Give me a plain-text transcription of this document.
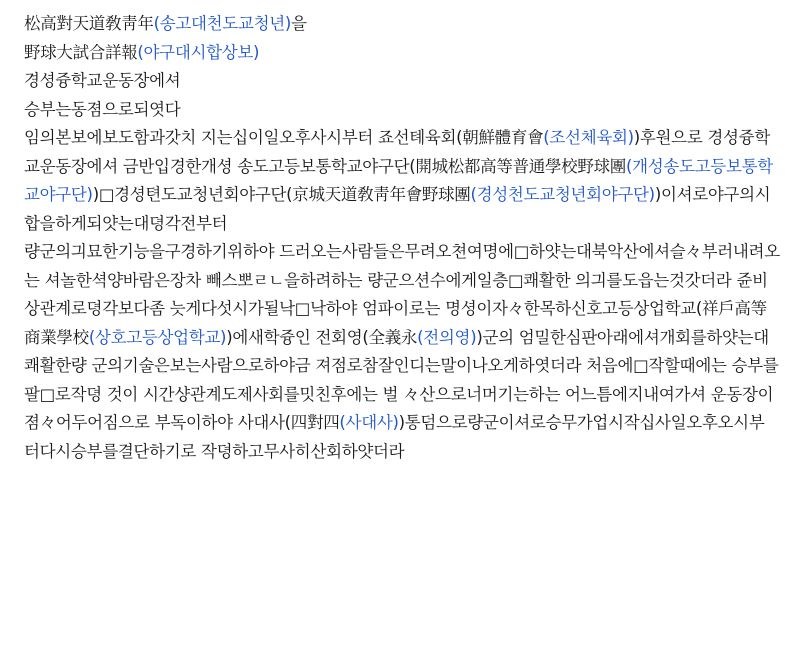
松高對天道敎靑年(송고대천도교청년)을
野球大試合詳報(야구대시합상보)
경셩즁학교운동장에셔
승부는동졈으로되엿다
임의본보에보도함과갓치 지는십이일오후사시부터 죠선톄육회(朝鮮體育會(조선체육회))후원으로 경셩즁학교운동장에셔 금반입경한개셩 송도고등보통학교야구단(開城松都高等普通學校野球團(개성송도고등보통학교야구단))□경셩텬도교청년회야구단(京城天道敎靑年會野球團(경성천도교청년회야구단))이셔로야구의시합을하게되얏는대뎡각전부터
량군의긔묘한기능을구경하기위하야 드러오는사람들은무려오쳔여명에□하얏는대북악산에셔슬々부러내려오는 셔놀한셕양바람은장차 빼스뽀ㄹㄴ을하려하는 량군으션수에게일층□쾌활한 의긔를도읍는것갓더라 쥰비상관계로뎡각보다좀 늣게다섯시가될낙□낙하야 엄파이로는 명셩이자々한목하신호고등상업학교(祥戶高等商業學校(상호고등상업학교))에새학즁인 전회영(全義永(전의영))군의 엄밀한심판아래에셔개회를하얏는대
쾌활한량 군의기술은보는사람으로하야금 져점로참잘인디는말이나오게하엿더라 처음에□작할때에는 승부를팔□로작뎡 것이 시간샹관계도제사회를밋친후에는 벌 々산으로너머기는하는 어느틈에지내여가셔 운동장이졈々어두어짐으로 부독이하야 사대사(四對四(사대사))통덤으로량군이셔로승무가업시작십사일오후오시부터다시승부를결단하기로 작뎡하고무사히산회하얏더라
